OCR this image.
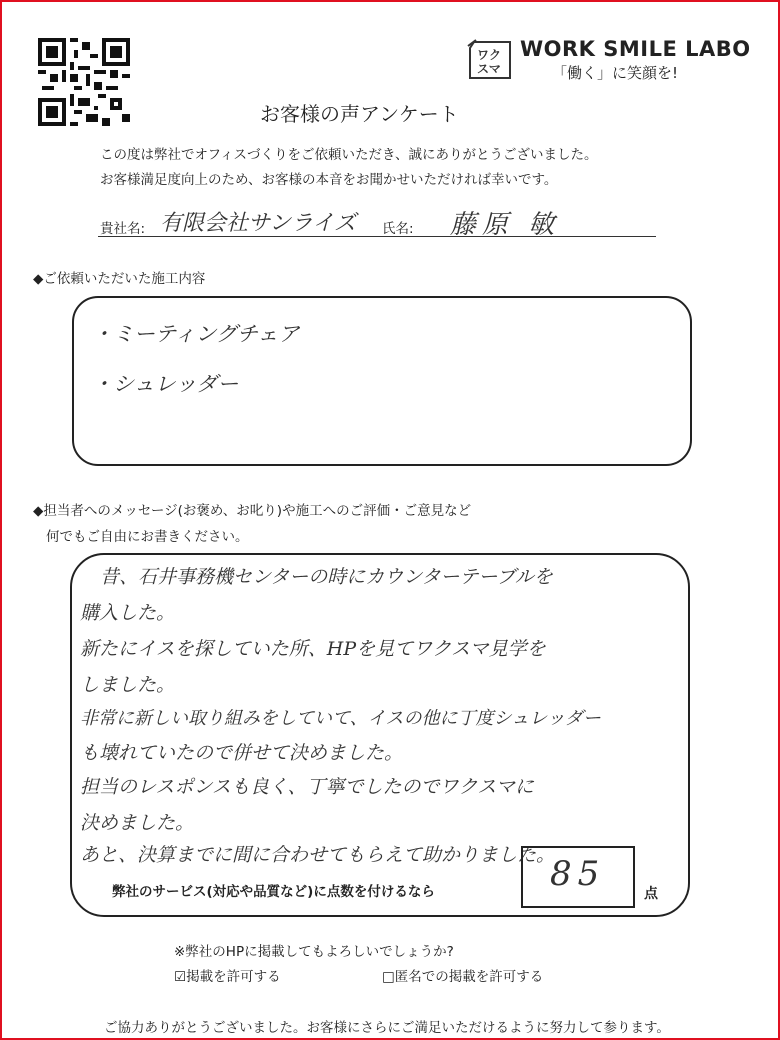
ワク
スマ
WORK SMILE LABO
「働く」に笑顔を!
お客様の声アンケート
この度は弊社でオフィスづくりをご依頼いただき、誠にありがとうございました。
お客様満足度向上のため、お客様の本音をお聞かせいただければ幸いです。
貴社名: 有限会社サンライズ 氏名: 藤原 敏
◆ご依頼いただいた施工内容
・ミーティングチェア
・シュレッダー
◆担当者へのメッセージ(お褒め、お叱り)や施工へのご評価・ご意見など
何でもご自由にお書きください。
昔、石井事務機センターの時にカウンターテーブルを
購入した。
新たにイスを探していた所、HPを見てワクスマ見学を
しました。
非常に新しい取り組みをしていて、イスの他に丁度シュレッダー
も壊れていたので併せて決めました。
担当のレスポンスも良く、丁寧でしたのでワクスマに
決めました。
あと、決算までに間に合わせてもらえて助かりました。
弊社のサービス(対応や品質など)に点数を付けるなら	85	点
※弊社のHPに掲載してもよろしいでしょうか?
☑掲載を許可する	□匿名での掲載を許可する
ご協力ありがとうございました。お客様にさらにご満足いただけるように努力して参ります。
